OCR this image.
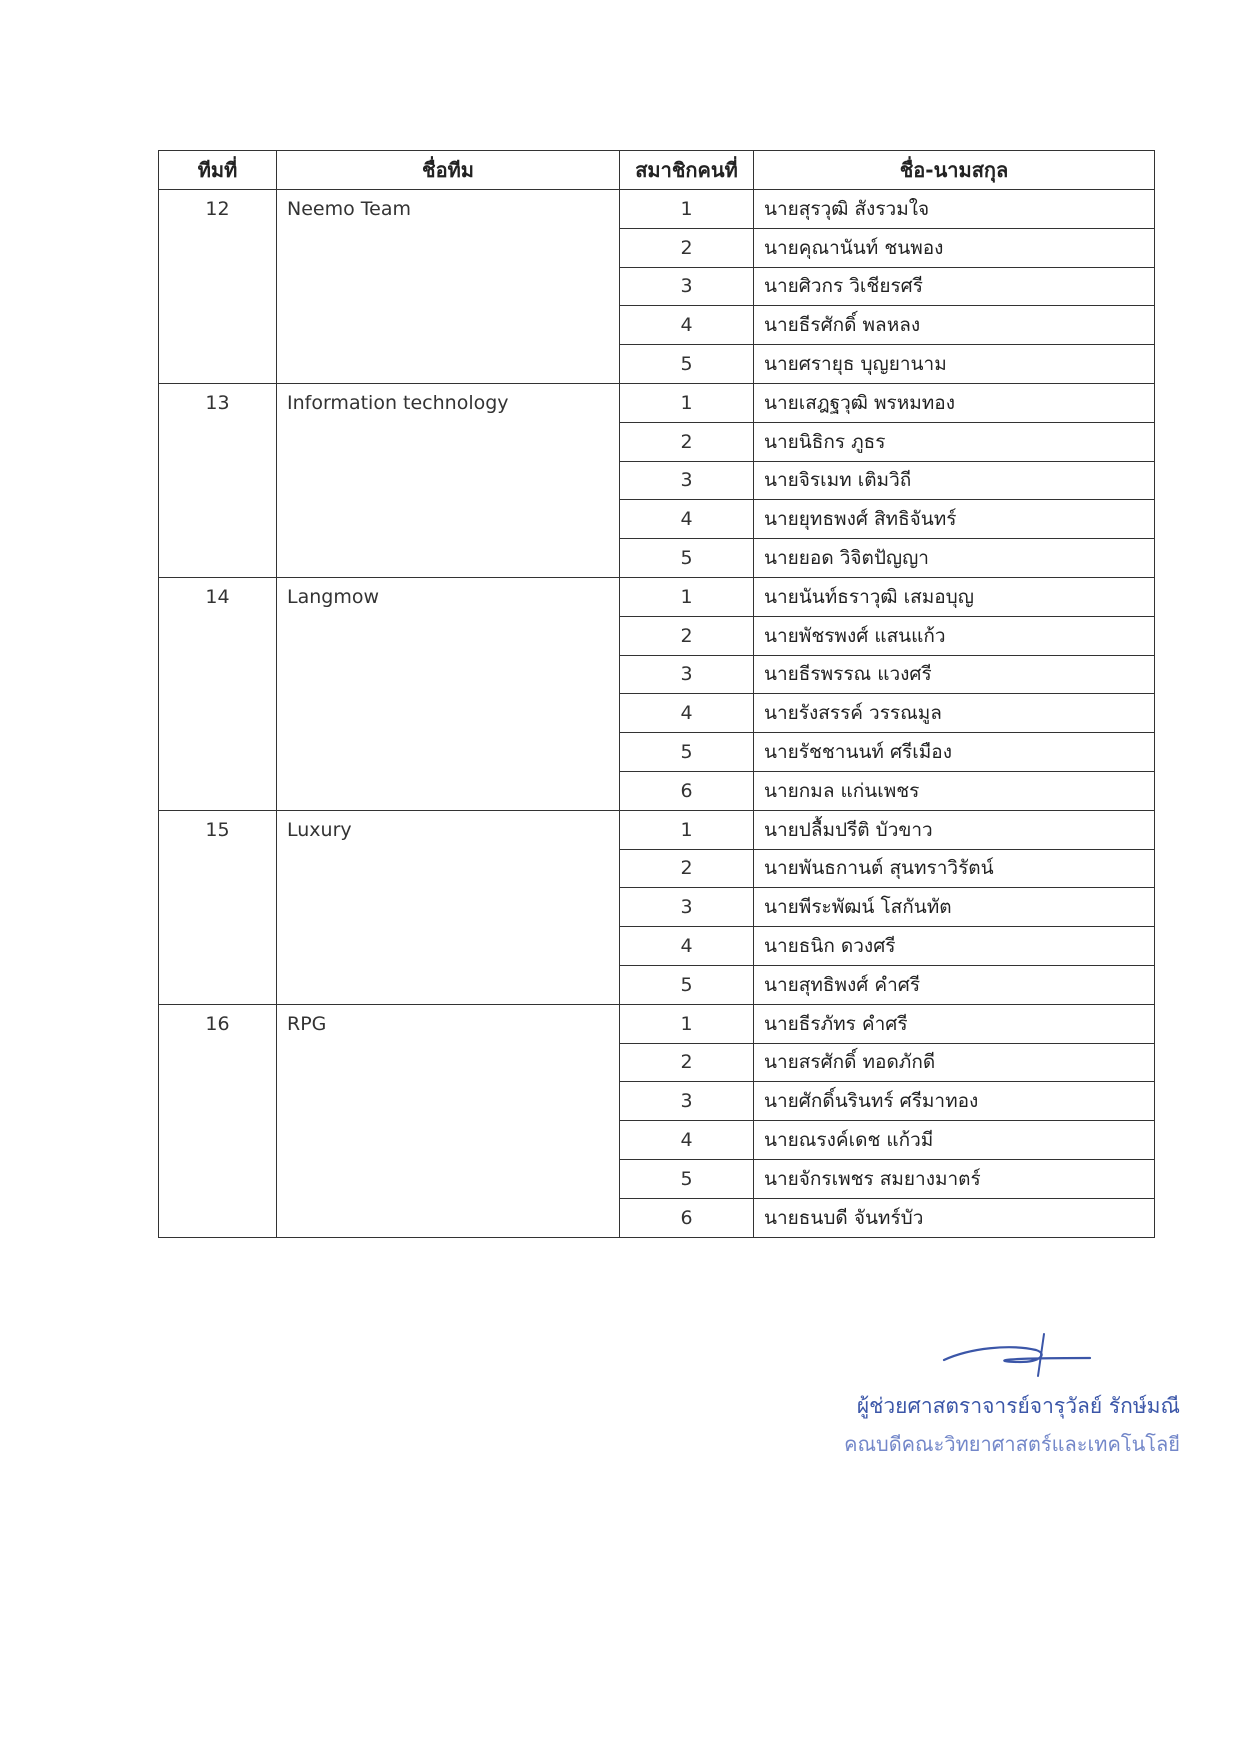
ทีมที่	ชื่อทีม	สมาชิกคนที่	ชื่อ-นามสกุล
12	Neemo Team	1	นายสุรวุฒิ สังรวมใจ
		2	นายคุณานันท์ ชนพอง
		3	นายศิวกร วิเชียรศรี
		4	นายธีรศักดิ์ พลหลง
		5	นายศรายุธ บุญยานาม
13	Information technology	1	นายเสฎฐวุฒิ พรหมทอง
		2	นายนิธิกร ภูธร
		3	นายจิรเมท เติมวิถี
		4	นายยุทธพงศ์ สิทธิจันทร์
		5	นายยอด วิจิตปัญญา
14	Langmow	1	นายนันท์ธราวุฒิ เสมอบุญ
		2	นายพัชรพงศ์ แสนแก้ว
		3	นายธีรพรรณ แวงศรี
		4	นายรังสรรค์ วรรณมูล
		5	นายรัชชานนท์ ศรีเมือง
		6	นายกมล แก่นเพชร
15	Luxury	1	นายปลื้มปรีติ บัวขาว
		2	นายพันธกานต์ สุนทราวิรัตน์
		3	นายพีระพัฒน์ โสกันทัต
		4	นายธนิก ดวงศรี
		5	นายสุทธิพงศ์ คำศรี
16	RPG	1	นายธีรภัทร คำศรี
		2	นายสรศักดิ์ ทอดภักดี
		3	นายศักดิ์นรินทร์ ศรีมาทอง
		4	นายณรงค์เดช แก้วมี
		5	นายจักรเพชร สมยางมาตร์
		6	นายธนบดี จันทร์บัว
ผู้ช่วยศาสตราจารย์จารุวัลย์ รักษ์มณี
คณบดีคณะวิทยาศาสตร์และเทคโนโลยี
